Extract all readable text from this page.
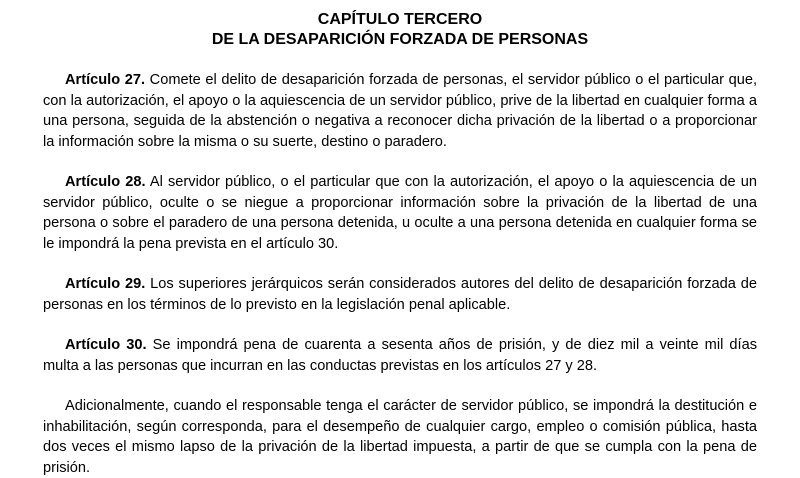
CAPÍTULO TERCERO

DE LA DESAPARICIÓN FORZADA DE PERSONAS

Artículo 27. Comete el delito de desaparición forzada de personas, el servidor público o el particular que, con la autorización, el apoyo o la aquiescencia de un servidor público, prive de la libertad en cualquier forma a una persona, seguida de la abstención o negativa a reconocer dicha privación de la libertad o a proporcionar la información sobre la misma o su suerte, destino o paradero.

Artículo 28. Al servidor público, o el particular que con la autorización, el apoyo o la aquiescencia de un servidor público, oculte o se niegue a proporcionar información sobre la privación de la libertad de una persona o sobre el paradero de una persona detenida, u oculte a una persona detenida en cualquier forma se le impondrá la pena prevista en el artículo 30.

Artículo 29. Los superiores jerárquicos serán considerados autores del delito de desaparición forzada de personas en los términos de lo previsto en la legislación penal aplicable.

Artículo 30. Se impondrá pena de cuarenta a sesenta años de prisión, y de diez mil a veinte mil días multa a las personas que incurran en las conductas previstas en los artículos 27 y 28.

Adicionalmente, cuando el responsable tenga el carácter de servidor público, se impondrá la destitución e inhabilitación, según corresponda, para el desempeño de cualquier cargo, empleo o comisión pública, hasta dos veces el mismo lapso de la privación de la libertad impuesta, a partir de que se cumpla con la pena de prisión.
